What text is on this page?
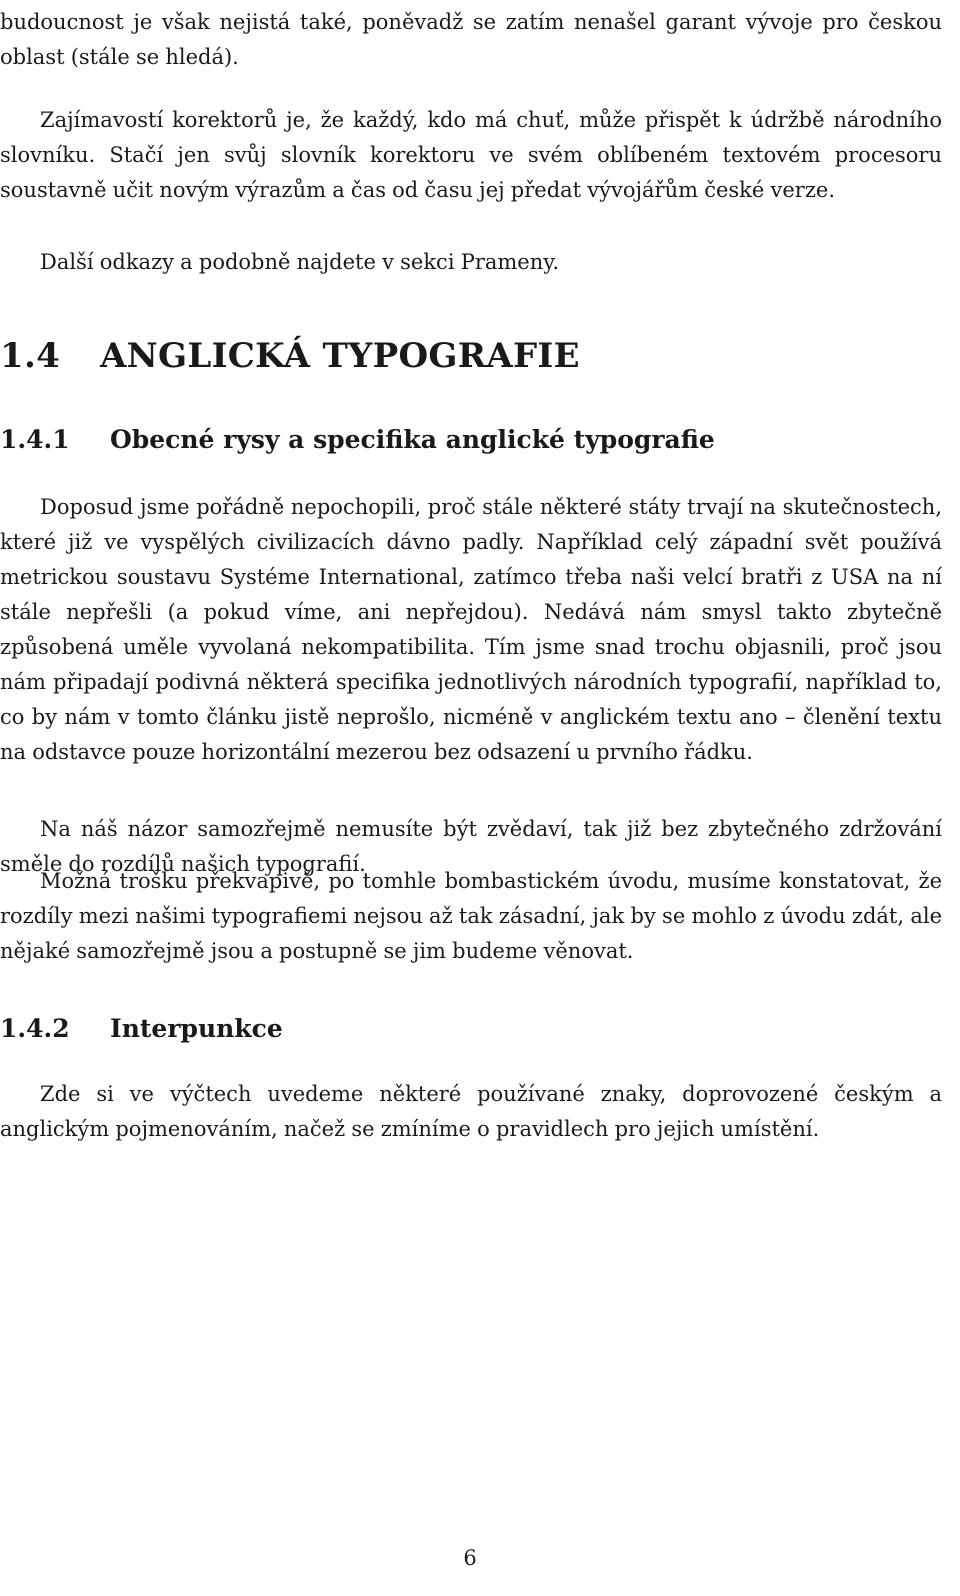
budoucnost je však nejistá také, poněvadž se zatím nenašel garant vývoje pro českou oblast (stále se hledá).

Zajímavostí korektorů je, že každý, kdo má chuť, může přispět k údržbě národního slovníku. Stačí jen svůj slovník korektoru ve svém oblíbeném textovém procesoru soustavně učit novým výrazům a čas od času jej předat vývojářům české verze.

Další odkazy a podobně najdete v sekci Prameny.

1.4 ANGLICKÁ TYPOGRAFIE
1.4.1 Obecné rysy a specifika anglické typografie

Doposud jsme pořádně nepochopili, proč stále některé státy trvají na skutečnostech, které již ve vyspělých civilizacích dávno padly. Například celý západní svět používá metrickou soustavu Systéme International, zatímco třeba naši velcí bratři z USA na ní stále nepřešli (a pokud víme, ani nepřejdou). Nedává nám smysl takto zbytečně způsobená uměle vyvolaná nekompatibilita. Tím jsme snad trochu objasnili, proč jsou nám připadají podivná některá specifika jednotlivých národních typografií, například to, co by nám v tomto článku jistě neprošlo, nicméně v anglickém textu ano – členění textu na odstavce pouze horizontální mezerou bez odsazení u prvního řádku.

Na náš názor samozřejmě nemusíte být zvědaví, tak již bez zbytečného zdržování směle do rozdílů našich typografií.

Možná trošku překvapivě, po tomhle bombastickém úvodu, musíme konstatovat, že rozdíly mezi našimi typografiemi nejsou až tak zásadní, jak by se mohlo z úvodu zdát, ale nějaké samozřejmě jsou a postupně se jim budeme věnovat.

1.4.2 Interpunkce

Zde si ve výčtech uvedeme některé používané znaky, doprovozené českým a anglickým pojmenováním, načež se zmíníme o pravidlech pro jejich umístění.

6
